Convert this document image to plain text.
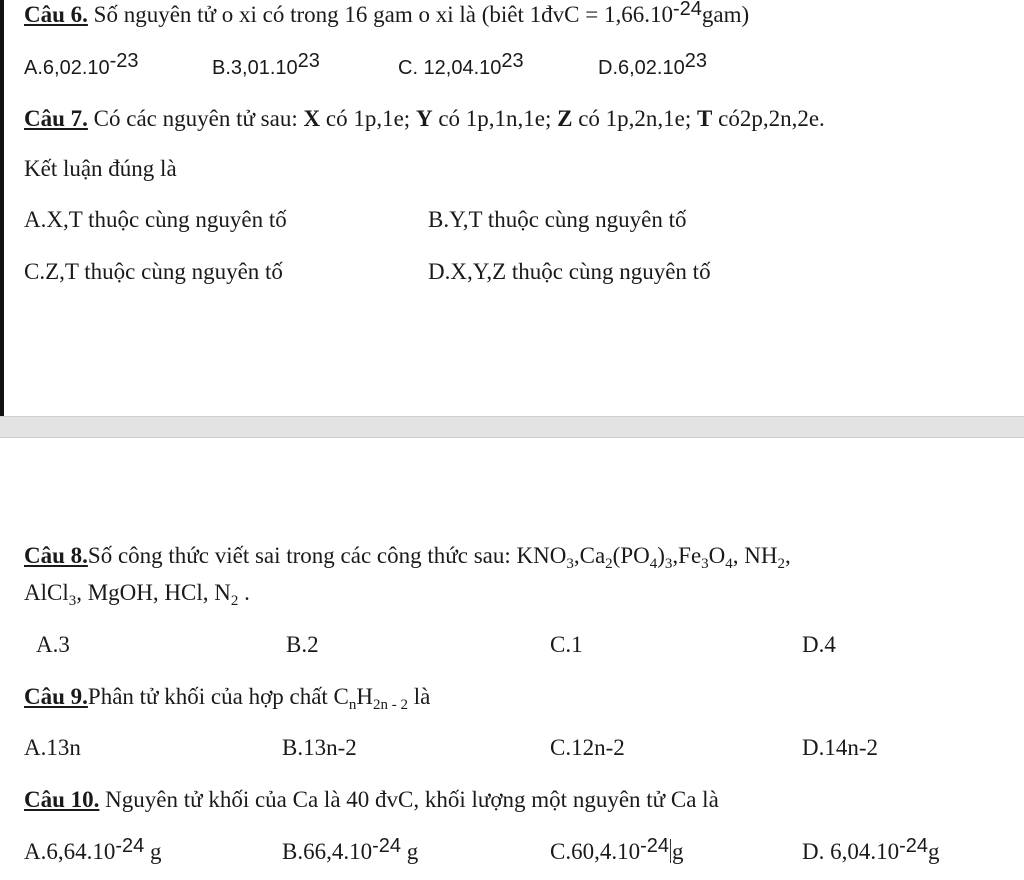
Câu 6. Số nguyên tử o xi có trong 16 gam o xi là (biêt 1đvC = $1,66.10^{-24}gam$)
$A.6,02.10^{-23}$	B.3,01.10$^{23}$	C. 12,04.10$^{23}$	D.6,02.10$^{23}$
Câu 7. Có các nguyên tử sau: X có 1p,1e; Y có 1p,1n,1e; Z có 1p,2n,1e; T có2p,2n,2e.
Kết luận đúng là
A.X,T thuộc cùng nguyên tố	B.Y,T thuộc cùng nguyên tố
C.Z,T thuộc cùng nguyên tố	D.X,Y,Z thuộc cùng nguyên tố
Câu 8.Số công thức viết sai trong các công thức sau: $KNO_3,Ca_2(PO_4)_3,Fe_3O_4$, $NH_2$,
AlCl$_3$, MgOH, HCl, $N_2$ .
A.3	B.2	C.1	D.4
Câu 9.Phân tử khối của hợp chất $C_nH_{2n - 2}$ là
A.13n	B.13n-2	C.12n-2	D.14n-2
Câu 10. Nguyên tử khối của Ca là 40 đvC, khối lượng một nguyên tử Ca là
$A.6,64.10^{-24}$ g	$B.66,4.10^{-24}$ g	$C.60,4.10^{-24}$ g	D. $6,04.10^{-24}g$
